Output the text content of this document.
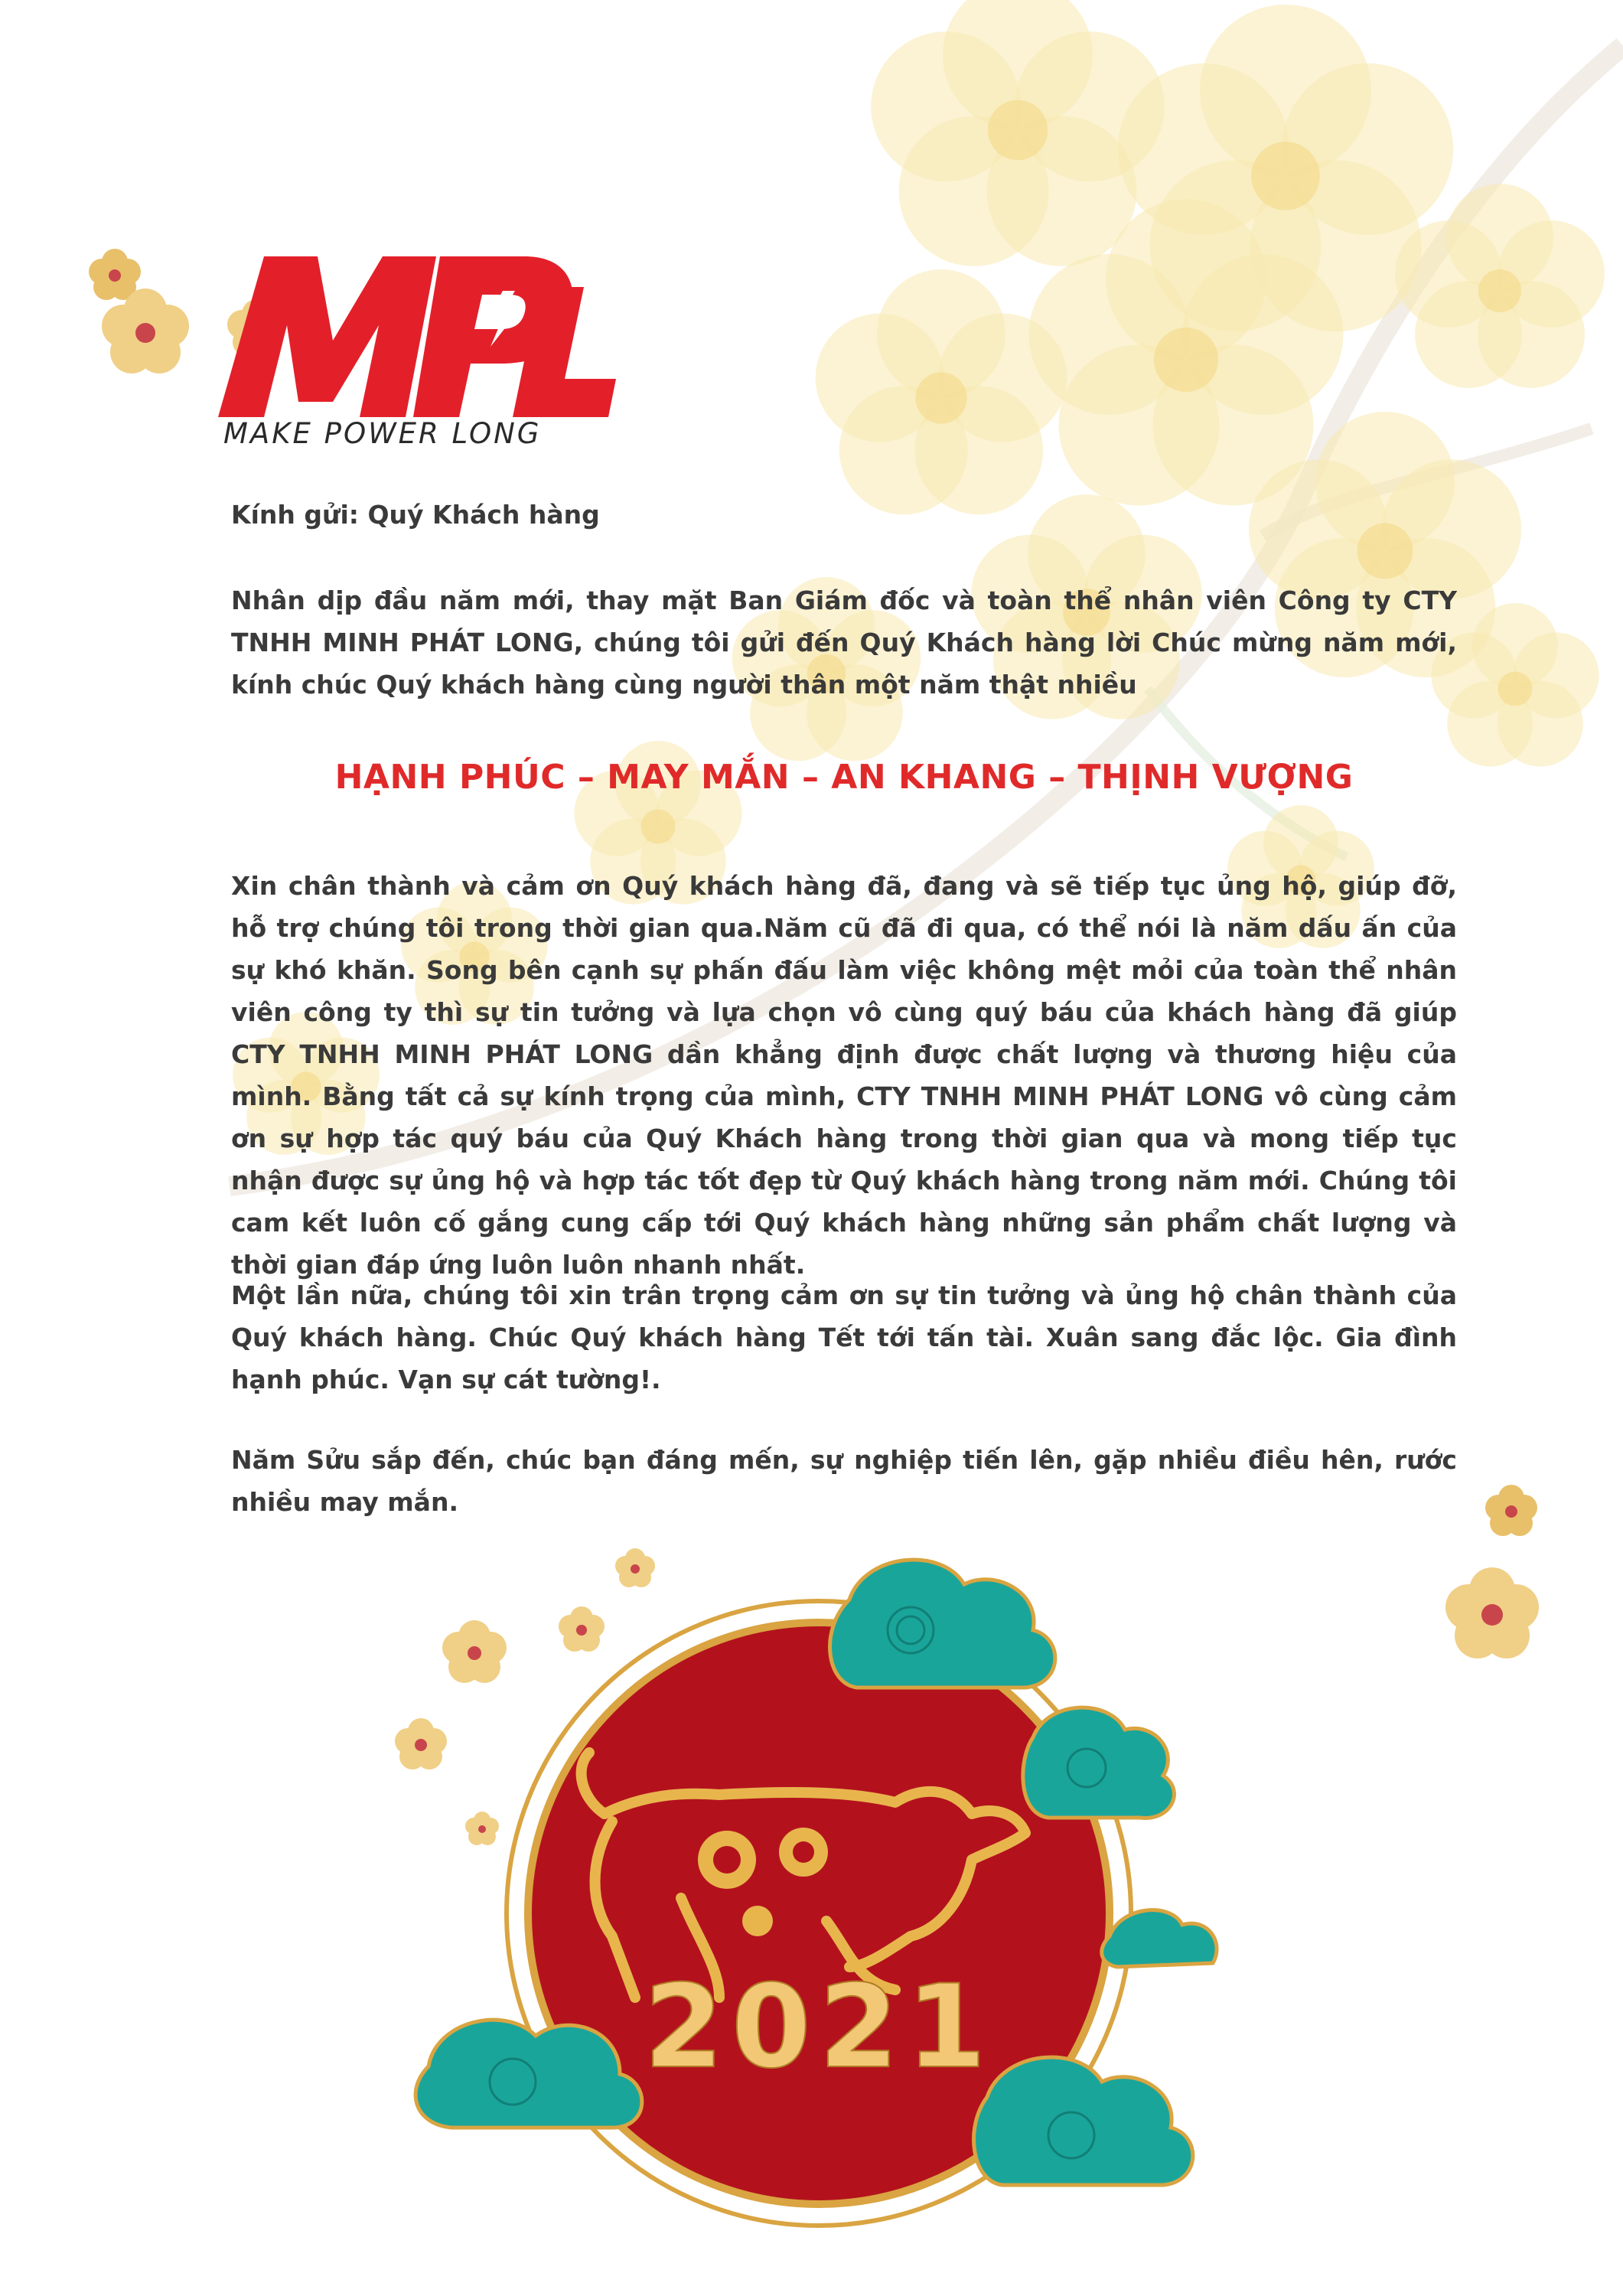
MAKE POWER LONG
Kính gửi: Quý Khách hàng
Nhân dịp đầu năm mới, thay mặt Ban Giám đốc và toàn thể nhân viên Công ty CTY TNHH MINH PHÁT LONG, chúng tôi gửi đến Quý Khách hàng lời Chúc mừng năm mới, kính chúc Quý khách hàng cùng người thân một năm thật nhiều
HẠNH PHÚC – MAY MẮN – AN KHANG – THỊNH VƯỢNG
Xin chân thành và cảm ơn Quý khách hàng đã, đang và sẽ tiếp tục ủng hộ, giúp đỡ, hỗ trợ chúng tôi trong thời gian qua.Năm cũ đã đi qua, có thể nói là năm dấu ấn của sự khó khăn. Song bên cạnh sự phấn đấu làm việc không mệt mỏi của toàn thể nhân viên công ty thì sự tin tưởng và lựa chọn vô cùng quý báu của khách hàng đã giúp CTY TNHH MINH PHÁT LONG dần khẳng định được chất lượng và thương hiệu của mình. Bằng tất cả sự kính trọng của mình, CTY TNHH MINH PHÁT LONG vô cùng cảm ơn sự hợp tác quý báu của Quý Khách hàng trong thời gian qua và mong tiếp tục nhận được sự ủng hộ và hợp tác tốt đẹp từ Quý khách hàng trong năm mới. Chúng tôi cam kết luôn cố gắng cung cấp tới Quý khách hàng những sản phẩm chất lượng và thời gian đáp ứng luôn luôn nhanh nhất.
Một lần nữa, chúng tôi xin trân trọng cảm ơn sự tin tưởng và ủng hộ chân thành của Quý khách hàng. Chúc Quý khách hàng Tết tới tấn tài. Xuân sang đắc lộc. Gia đình hạnh phúc. Vạn sự cát tường!.
Năm Sửu sắp đến, chúc bạn đáng mến, sự nghiệp tiến lên, gặp nhiều điều hên, rước nhiều may mắn.
2021
